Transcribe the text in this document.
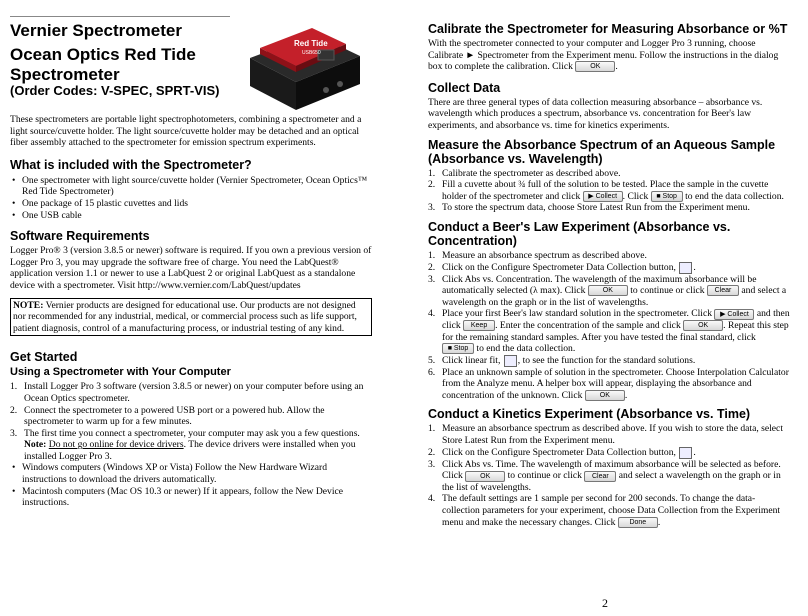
Vernier Spectrometer
Ocean Optics Red Tide
Spectrometer
(Order Codes: V-SPEC, SPRT-VIS)
Red Tide
USB650

These spectrometers are portable light spectrophotometers, combining a spectrometer and a light source/cuvette holder. The light source/cuvette holder may be detached and an optical fiber assembly attached to the spectrometer for emission spectrum experiments.

What is included with the Spectrometer?
• One spectrometer with light source/cuvette holder (Vernier Spectrometer, Ocean Optics™ Red Tide Spectrometer)
• One package of 15 plastic cuvettes and lids
• One USB cable
Software Requirements

Logger Pro® 3 (version 3.8.5 or newer) software is required. If you own a previous version of Logger Pro 3, you may upgrade the software free of charge. You need the LabQuest® application version 1.1 or newer to use a LabQuest 2 or original LabQuest as a standalone device with a spectrometer. Visit http://www.vernier.com/LabQuest/updates

NOTE: Vernier products are designed for educational use. Our products are not designed nor recommended for any industrial, medical, or commercial process such as life support, patient diagnosis, control of a manufacturing process, or industrial testing of any kind.
Get Started
Using a Spectrometer with Your Computer
1. Install Logger Pro 3 software (version 3.8.5 or newer) on your computer before using an Ocean Optics spectrometer.
2. Connect the spectrometer to a powered USB port or a powered hub. Allow the spectrometer to warm up for a few minutes.
3. The first time you connect a spectrometer, your computer may ask you a few questions. Note: Do not go online for device drivers. The device drivers were installed when you installed Logger Pro 3.
• Windows computers (Windows XP or Vista) Follow the New Hardware Wizard instructions to download the drivers automatically.
• Macintosh computers (Mac OS 10.3 or newer) If it appears, follow the New Device instructions.
Calibrate the Spectrometer for Measuring Absorbance or %T

With the spectrometer connected to your computer and Logger Pro 3 running, choose Calibrate ► Spectrometer from the Experiment menu. Follow the instructions in the dialog box to complete the calibration. Click OK .

Collect Data

There are three general types of data collection measuring absorbance – absorbance vs. wavelength which produces a spectrum, absorbance vs. concentration for Beer's law experiments, and absorbance vs. time for kinetics experiments.

Measure the Absorbance Spectrum of an Aqueous Sample
(Absorbance vs. Wavelength)
1. Calibrate the spectrometer as described above.
2. Fill a cuvette about ¾ full of the solution to be tested. Place the sample in the cuvette holder of the spectrometer and click ▶ Collect . Click ■ Stop to end the data collection.
3. To store the spectrum data, choose Store Latest Run from the Experiment menu.
Conduct a Beer's Law Experiment (Absorbance vs.
Concentration)
1. Measure an absorbance spectrum as described above.
2. Click on the Configure Spectrometer Data Collection button, .
3. Click Abs vs. Concentration. The wavelength of the maximum absorbance will be automatically selected (λ max). Click OK to continue or click Clear and select a wavelength on the graph or in the list of wavelengths.
4. Place your first Beer's law standard solution in the spectrometer. Click ▶ Collect and then click Keep . Enter the concentration of the sample and click OK . Repeat this step for the remaining standard samples. After you have tested the final standard, click ■ Stop to end the data collection.
5. Click linear fit, , to see the function for the standard solutions.
6. Place an unknown sample of solution in the spectrometer. Choose Interpolation Calculator from the Analyze menu. A helper box will appear, displaying the absorbance and concentration of the unknown. Click OK .
Conduct a Kinetics Experiment (Absorbance vs. Time)
1. Measure an absorbance spectrum as described above. If you wish to store the data, select Store Latest Run from the Experiment menu.
2. Click on the Configure Spectrometer Data Collection button, .
3. Click Abs vs. Time. The wavelength of maximum absorbance will be selected as before. Click OK to continue or click Clear and select a wavelength on the graph or in the list of wavelengths.
4. The default settings are 1 sample per second for 200 seconds. To change the data-collection parameters for your experiment, choose Data Collection from the Experiment menu and make the necessary changes. Click Done .
2
